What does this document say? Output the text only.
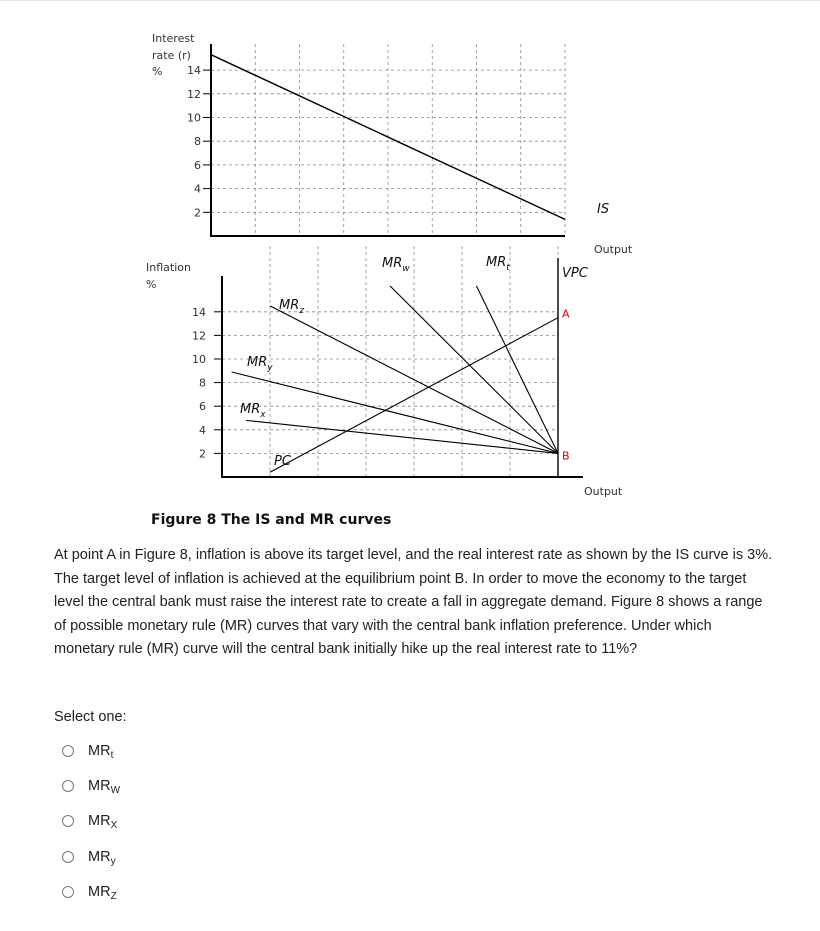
Interest
rate (r)
%
Output
2
4
6
8
10
12
14
IS
Inflation
%
Output
2
4
6
8
10
12
14
PC
$MR_z$
$MR_y$
$MR_x$
$MR_w$	$MR_t$	VPC
A
B
Figure 8 The IS and MR curves

At point A in Figure 8, inflation is above its target level, and the real interest rate as shown by the IS curve is 3%. The target level of inflation is achieved at the equilibrium point B. In order to move the economy to the target level the central bank must raise the interest rate to create a fall in aggregate demand. Figure 8 shows a range of possible monetary rule (MR) curves that vary with the central bank inflation preference. Under which monetary rule (MR) curve will the central bank initially hike up the real interest rate to 11%?

Select one:
$MR_t$
$MR_W$
$MR_X$
$MR_y$
$MR_Z$
